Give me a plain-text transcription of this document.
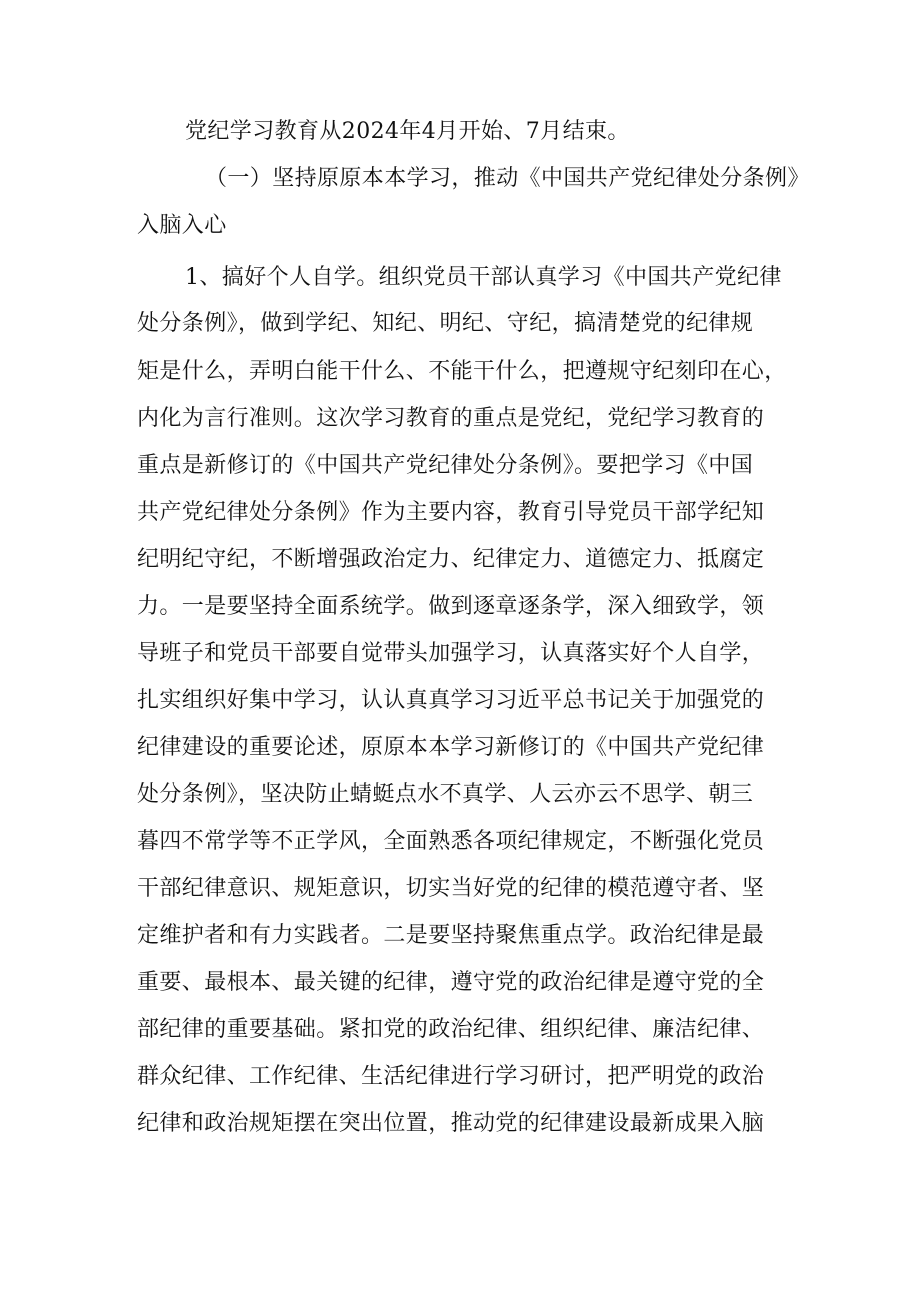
党纪学习教育从2024年4月开始、7月结束。
（一）坚持原原本本学习，推动《中国共产党纪律处分条例》
入脑入心
1、搞好个人自学。组织党员干部认真学习《中国共产党纪律
处分条例》，做到学纪、知纪、明纪、守纪，搞清楚党的纪律规
矩是什么，弄明白能干什么、不能干什么，把遵规守纪刻印在心，
内化为言行准则。这次学习教育的重点是党纪，党纪学习教育的
重点是新修订的《中国共产党纪律处分条例》。要把学习《中国
共产党纪律处分条例》作为主要内容，教育引导党员干部学纪知
纪明纪守纪，不断增强政治定力、纪律定力、道德定力、抵腐定
力。一是要坚持全面系统学。做到逐章逐条学，深入细致学，领
导班子和党员干部要自觉带头加强学习，认真落实好个人自学，
扎实组织好集中学习，认认真真学习习近平总书记关于加强党的
纪律建设的重要论述，原原本本学习新修订的《中国共产党纪律
处分条例》，坚决防止蜻蜓点水不真学、人云亦云不思学、朝三
暮四不常学等不正学风，全面熟悉各项纪律规定，不断强化党员
干部纪律意识、规矩意识，切实当好党的纪律的模范遵守者、坚
定维护者和有力实践者。二是要坚持聚焦重点学。政治纪律是最
重要、最根本、最关键的纪律，遵守党的政治纪律是遵守党的全
部纪律的重要基础。紧扣党的政治纪律、组织纪律、廉洁纪律、
群众纪律、工作纪律、生活纪律进行学习研讨，把严明党的政治
纪律和政治规矩摆在突出位置，推动党的纪律建设最新成果入脑
